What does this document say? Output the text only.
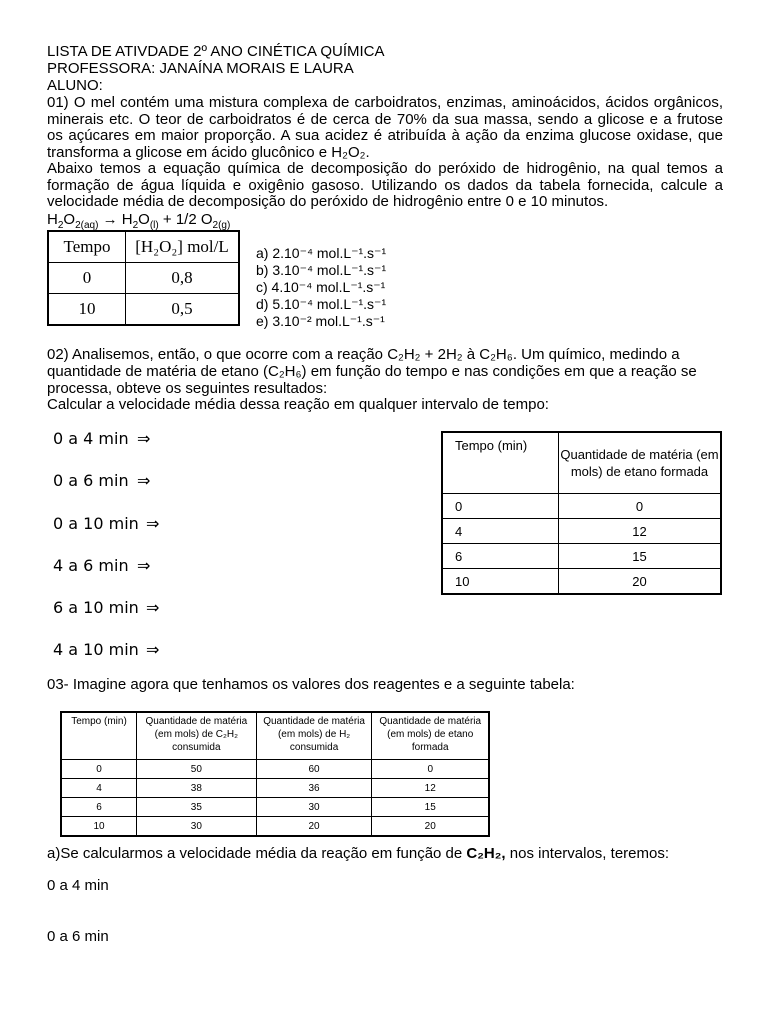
LISTA DE ATIVDADE 2º ANO CINÉTICA QUÍMICA
PROFESSORA: JANAÍNA MORAIS E LAURA
ALUNO:
01) O mel contém uma mistura complexa de carboidratos, enzimas, aminoácidos, ácidos orgânicos,
minerais etc. O teor de carboidratos é de cerca de 70% da sua massa, sendo a glicose e a frutose
os açúcares em maior proporção. A sua acidez é atribuída à ação da enzima glucose oxidase, que
transforma a glicose em ácido glucônico e H₂O₂.
Abaixo temos a equação química de decomposição do peróxido de hidrogênio, na qual temos a
formação de água líquida e oxigênio gasoso. Utilizando os dados da tabela fornecida, calcule a
velocidade média de decomposição do peróxido de hidrogênio entre 0 e 10 minutos.
$H_2O_{2(aq)} \to H_2O_{(l)} + 1/2$ $O_{2(g)}$
Tempo	[H₂O₂] mol/L
0	0,8
10	0,5
a) 2.10⁻⁴ mol.L⁻¹.s⁻¹
b) 3.10⁻⁴ mol.L⁻¹.s⁻¹
c) 4.10⁻⁴ mol.L⁻¹.s⁻¹
d) 5.10⁻⁴ mol.L⁻¹.s⁻¹
e) 3.10⁻² mol.L⁻¹.s⁻¹
02) Analisemos, então, o que ocorre com a reação C₂H₂ + 2H₂ à C₂H₆. Um químico, medindo a
quantidade de matéria de etano (C₂H₆) em função do tempo e nas condições em que a reação se
processa, obteve os seguintes resultados:
Calcular a velocidade média dessa reação em qualquer intervalo de tempo:
0 a 4 min ⇒
0 a 6 min ⇒
0 a 10 min ⇒
4 a 6 min ⇒
6 a 10 min ⇒
4 a 10 min ⇒
Tempo (min)	Quantidade de matéria (em mols) de etano formada
0	0
4	12
6	15
10	20
03- Imagine agora que tenhamos os valores dos reagentes e a seguinte tabela:
Tempo (min)	Quantidade de matéria (em mols) de C₂H₂ consumida	Quantidade de matéria (em mols) de H₂ consumida	Quantidade de matéria (em mols) de etano formada
0	50	60	0
4	38	36	12
6	35	30	15
10	30	20	20
a)Se calcularmos a velocidade média da reação em função de C₂H₂, nos intervalos, teremos:
0 a 4 min
0 a 6 min
